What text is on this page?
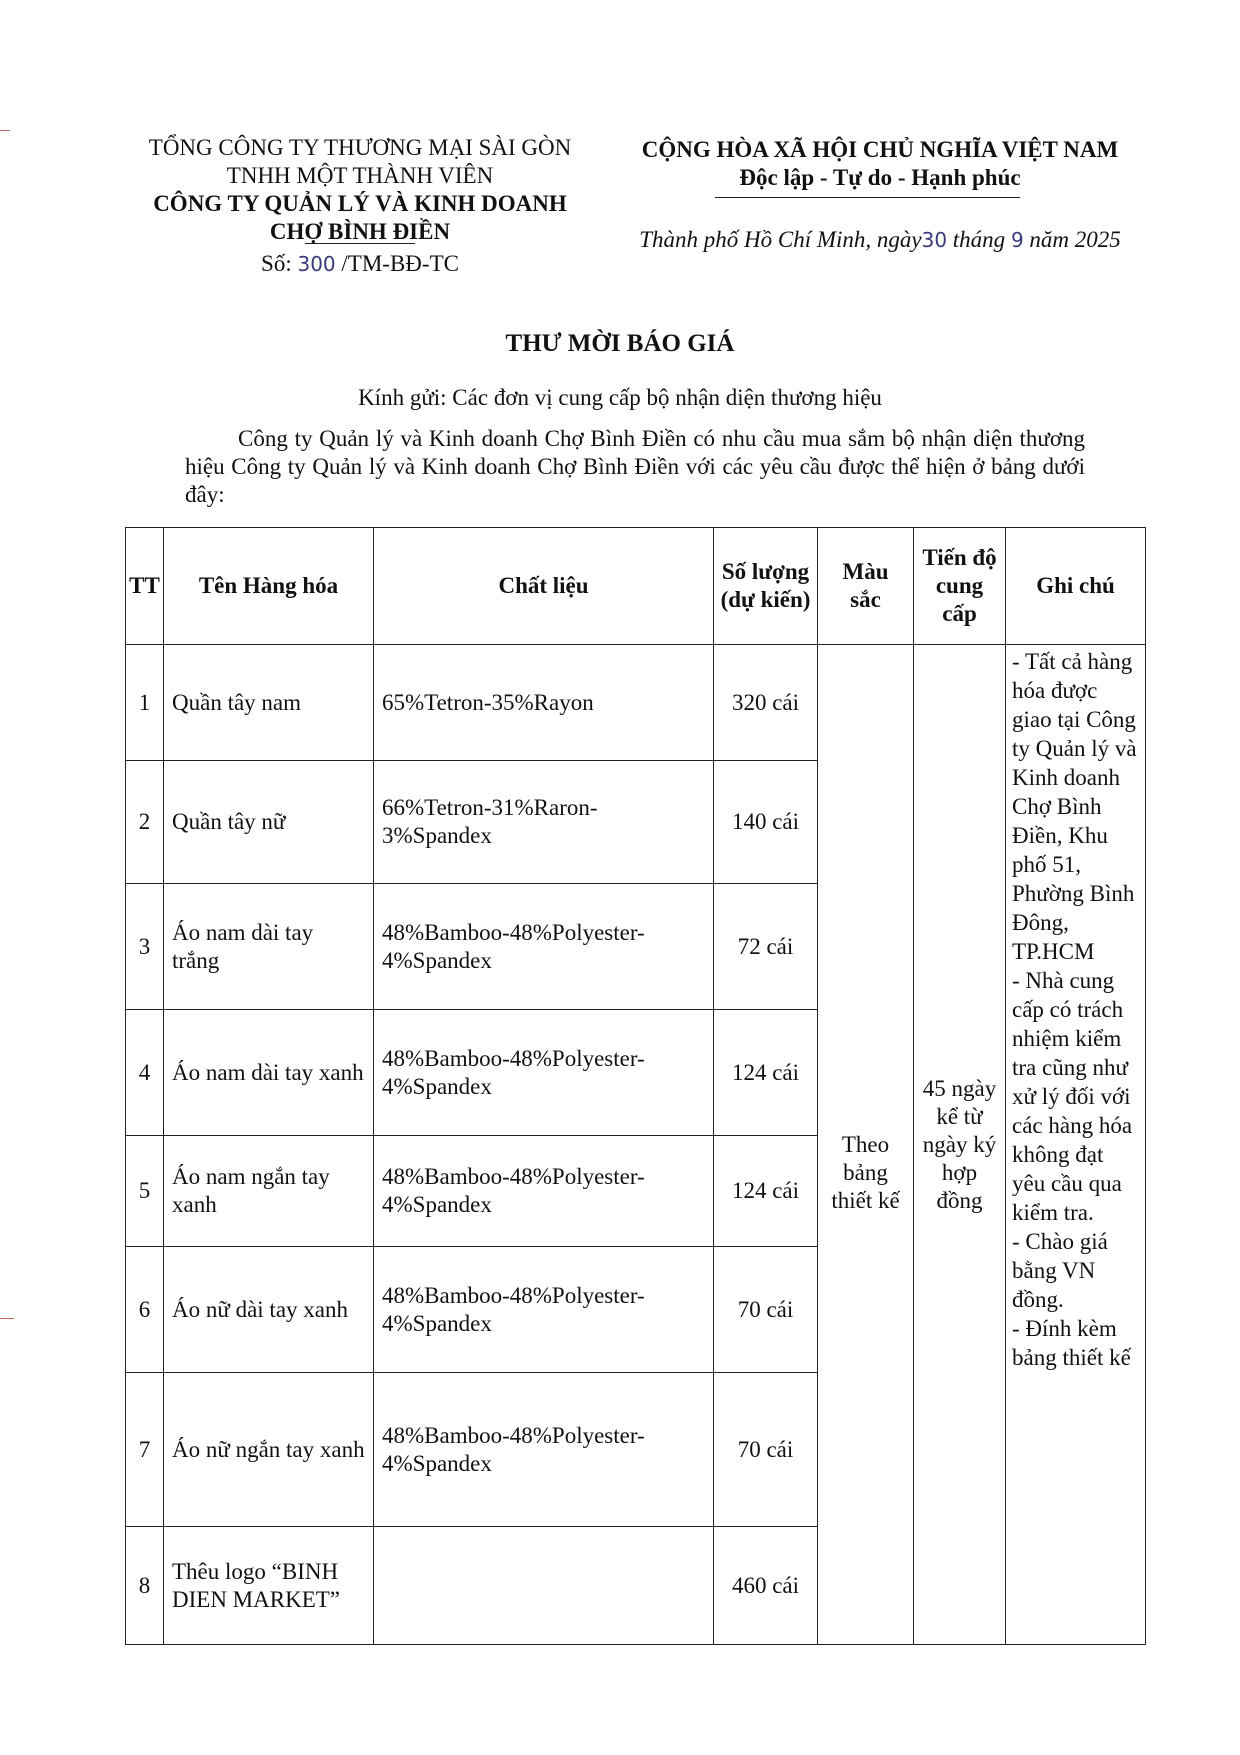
TỔNG CÔNG TY THƯƠNG MẠI SÀI GÒN
TNHH MỘT THÀNH VIÊN
CÔNG TY QUẢN LÝ VÀ KINH DOANH
CHỢ BÌNH ĐIỀN
Số: 300 /TM-BĐ-TC
CỘNG HÒA XÃ HỘI CHỦ NGHĨA VIỆT NAM
Độc lập - Tự do - Hạnh phúc
Thành phố Hồ Chí Minh, ngày30 tháng 9 năm 2025
THƯ MỜI BÁO GIÁ
Kính gửi: Các đơn vị cung cấp bộ nhận diện thương hiệu
Công ty Quản lý và Kinh doanh Chợ Bình Điền có nhu cầu mua sắm bộ nhận diện thương hiệu Công ty Quản lý và Kinh doanh Chợ Bình Điền với các yêu cầu được thể hiện ở bảng dưới đây:
TT	Tên Hàng hóa	Chất liệu	Số lượng (dự kiến)	Màu sắc	Tiến độ cung cấp	Ghi chú
1	Quần tây nam	65%Tetron-35%Rayon	320 cái	Theo bảng thiết kế	45 ngày kể từ ngày ký hợp đồng	- Tất cả hàng hóa được giao tại Công ty Quản lý và Kinh doanh Chợ Bình Điền, Khu phố 51, Phường Bình Đông, TP.HCM
- Nhà cung cấp có trách nhiệm kiểm tra cũng như xử lý đối với các hàng hóa không đạt yêu cầu qua kiểm tra.
- Chào giá bằng VN đồng.
- Đính kèm bảng thiết kế

2	Quần tây nữ	66%Tetron-31%Raron-3%Spandex	140 cái			
3	Áo nam dài tay trắng	48%Bamboo-48%Polyester-4%Spandex	72 cái			
4	Áo nam dài tay xanh	48%Bamboo-48%Polyester-4%Spandex	124 cái			
5	Áo nam ngắn tay xanh	48%Bamboo-48%Polyester-4%Spandex	124 cái			
6	Áo nữ dài tay xanh	48%Bamboo-48%Polyester-4%Spandex	70 cái			
7	Áo nữ ngắn tay xanh	48%Bamboo-48%Polyester-4%Spandex	70 cái			
8	Thêu logo “BINH DIEN MARKET”		460 cái			
